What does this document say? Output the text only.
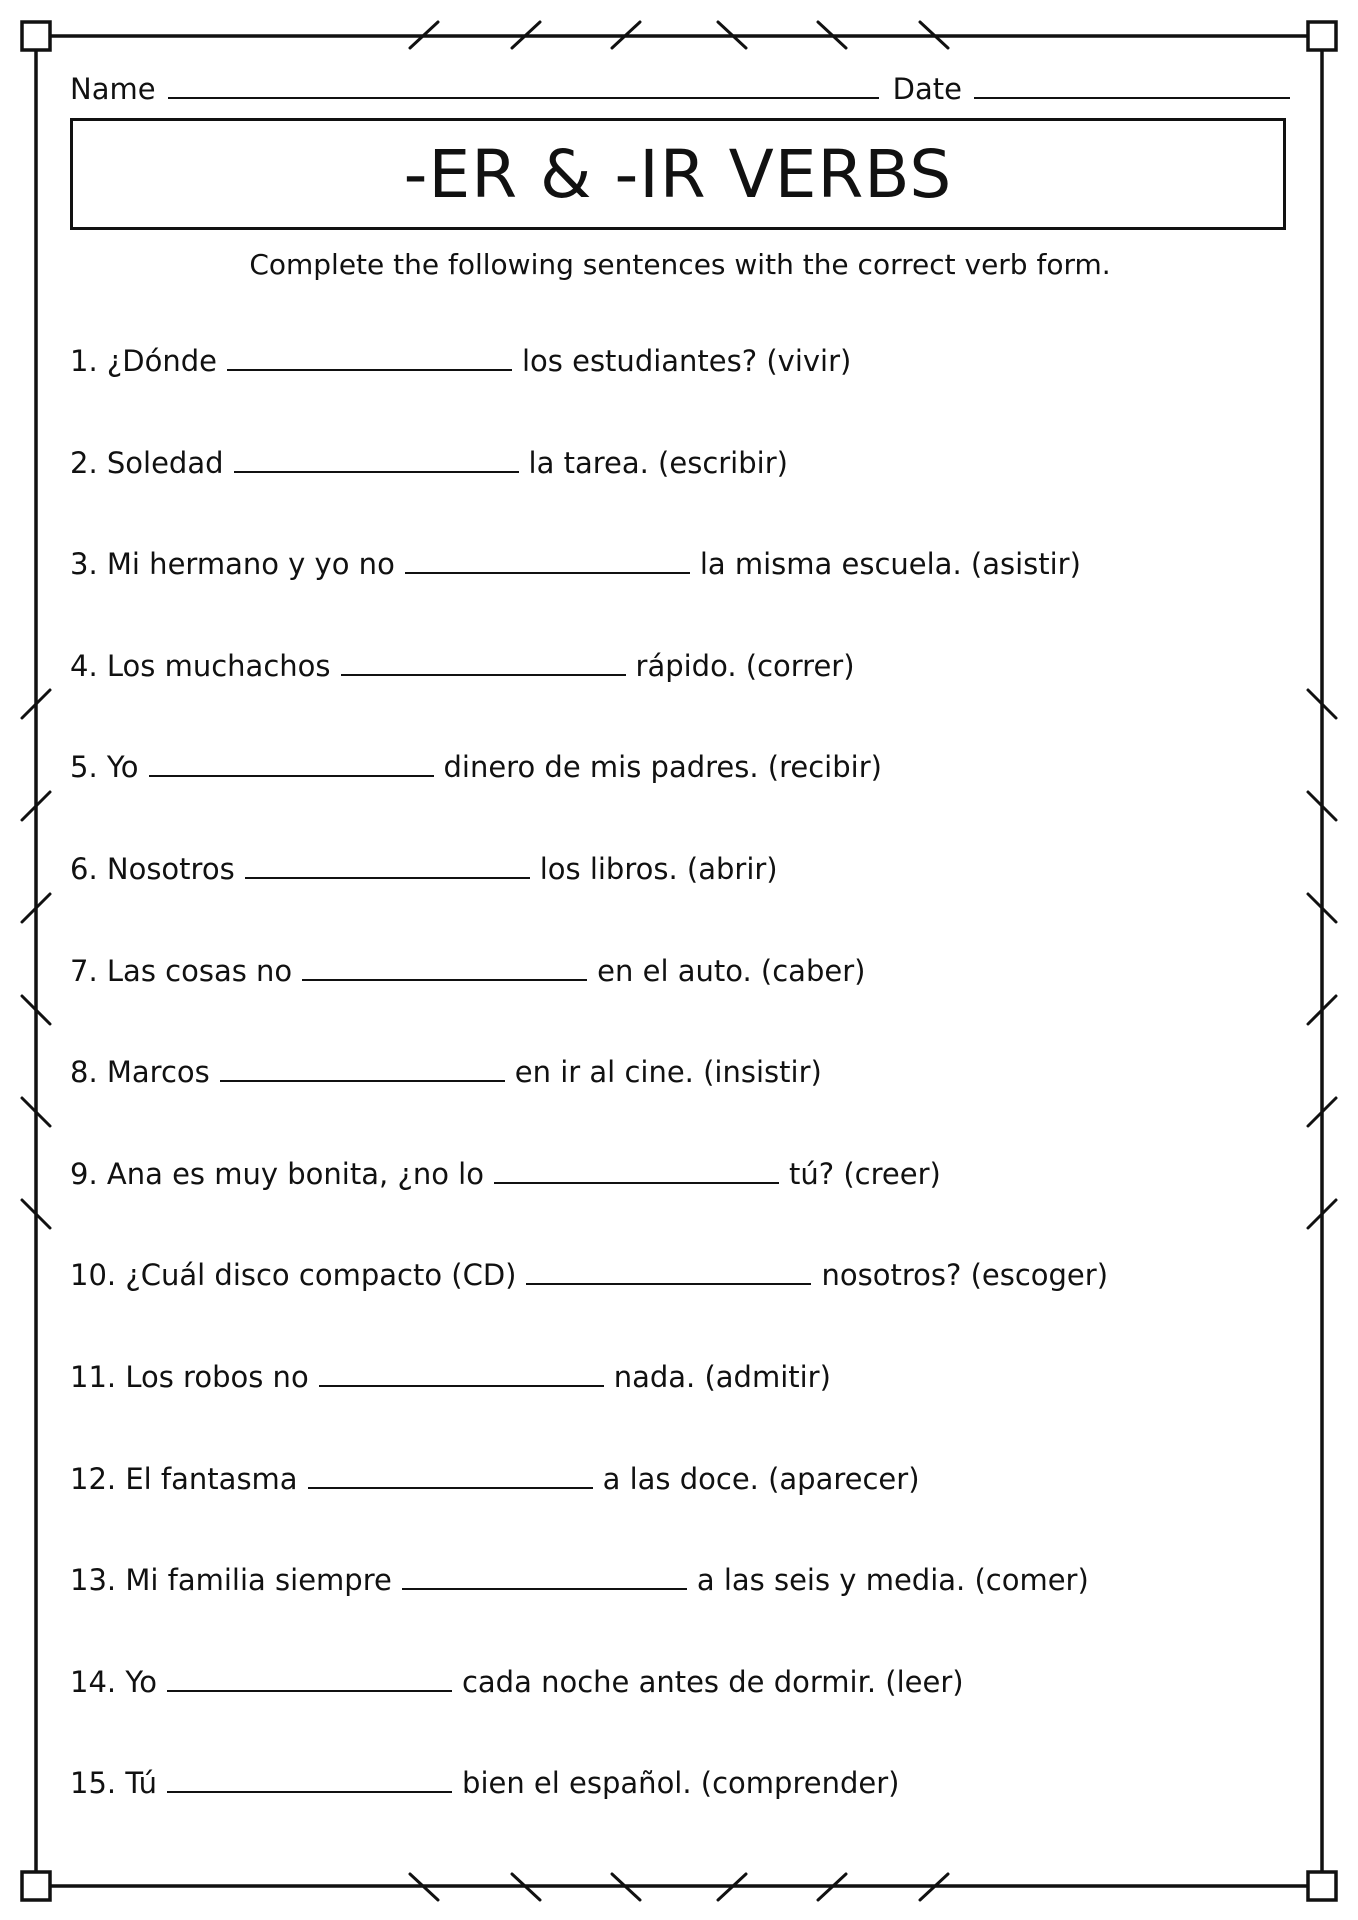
Name	Date
-ER & -IR VERBS
Complete the following sentences with the correct verb form.
1. ¿Dónde	los estudiantes? (vivir)
2. Soledad	la tarea. (escribir)
3. Mi hermano y yo no	la misma escuela. (asistir)
4. Los muchachos	rápido. (correr)
5. Yo	dinero de mis padres. (recibir)
6. Nosotros	los libros. (abrir)
7. Las cosas no	en el auto. (caber)
8. Marcos	en ir al cine. (insistir)
9. Ana es muy bonita, ¿no lo	tú? (creer)
10. ¿Cuál disco compacto (CD)	nosotros? (escoger)
11. Los robos no	nada. (admitir)
12. El fantasma	a las doce. (aparecer)
13. Mi familia siempre	a las seis y media. (comer)
14. Yo	cada noche antes de dormir. (leer)
15. Tú	bien el español. (comprender)
